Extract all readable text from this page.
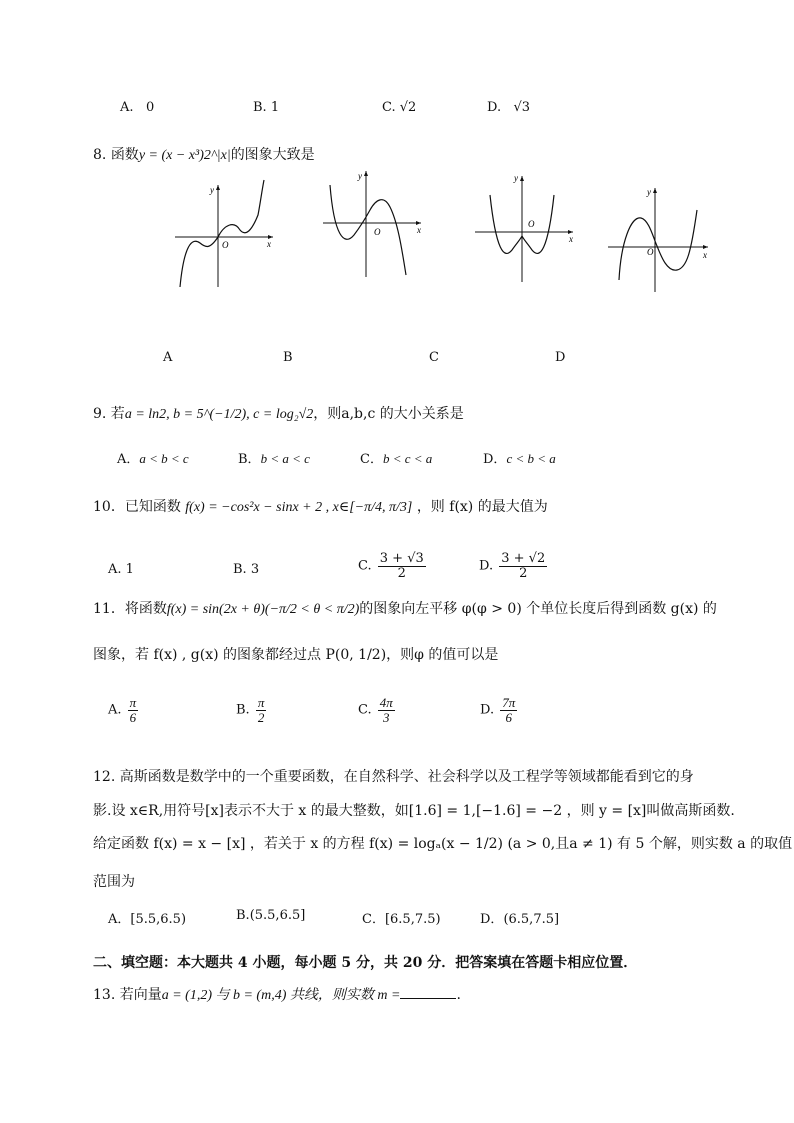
A. 0	B. 1	C. √2	D. √3
8. 函数y = (x − x³)2^|x|的图象大致是
y
x
O
y
x
O
y
x
O
y
x
O
A	B	C	D
9. 若a = ln2, b = 5^(−1/2), c = log₂√2，则a,b,c 的大小关系是
A．a < b < c	B．b < a < c	C．b < c < a	D．c < b < a
10．已知函数 f(x) = −cos²x − sinx + 2 , x∈[−π/4, π/3] ，则 f(x) 的最大值为
A. 1	B. 3	C. $\frac{3 + √3}{2}$	D. $\frac{3 + √2}{2}$
11．将函数f(x) = sin(2x + θ)(−π/2 < θ < π/2)的图象向左平移 φ(φ > 0) 个单位长度后得到函数 g(x) 的
图象，若 f(x) , g(x) 的图象都经过点 P(0, 1/2)，则φ 的值可以是
A. $\frac{\pi}{6}$	B. $\frac{\pi}{2}$	C. $\frac{4\pi}{3}$	D. $\frac{7\pi}{6}$
12. 高斯函数是数学中的一个重要函数，在自然科学、社会科学以及工程学等领域都能看到它的身
影.设 x∈R,用符号[x]表示不大于 x 的最大整数，如[1.6] = 1,[−1.6] = −2 ，则 y = [x]叫做高斯函数.
给定函数 f(x) = x − [x] ，若关于 x 的方程 f(x) = logₐ(x − 1/2) (a > 0,且a ≠ 1) 有 5 个解，则实数 a 的取值
范围为
A．[5.5,6.5)	B.(5.5,6.5]	C．[6.5,7.5)	D．(6.5,7.5]
二、填空题：本大题共 4 小题，每小题 5 分，共 20 分．把答案填在答题卡相应位置．
13. 若向量a = (1,2) 与 b = (m,4) 共线，则实数 m =	.
